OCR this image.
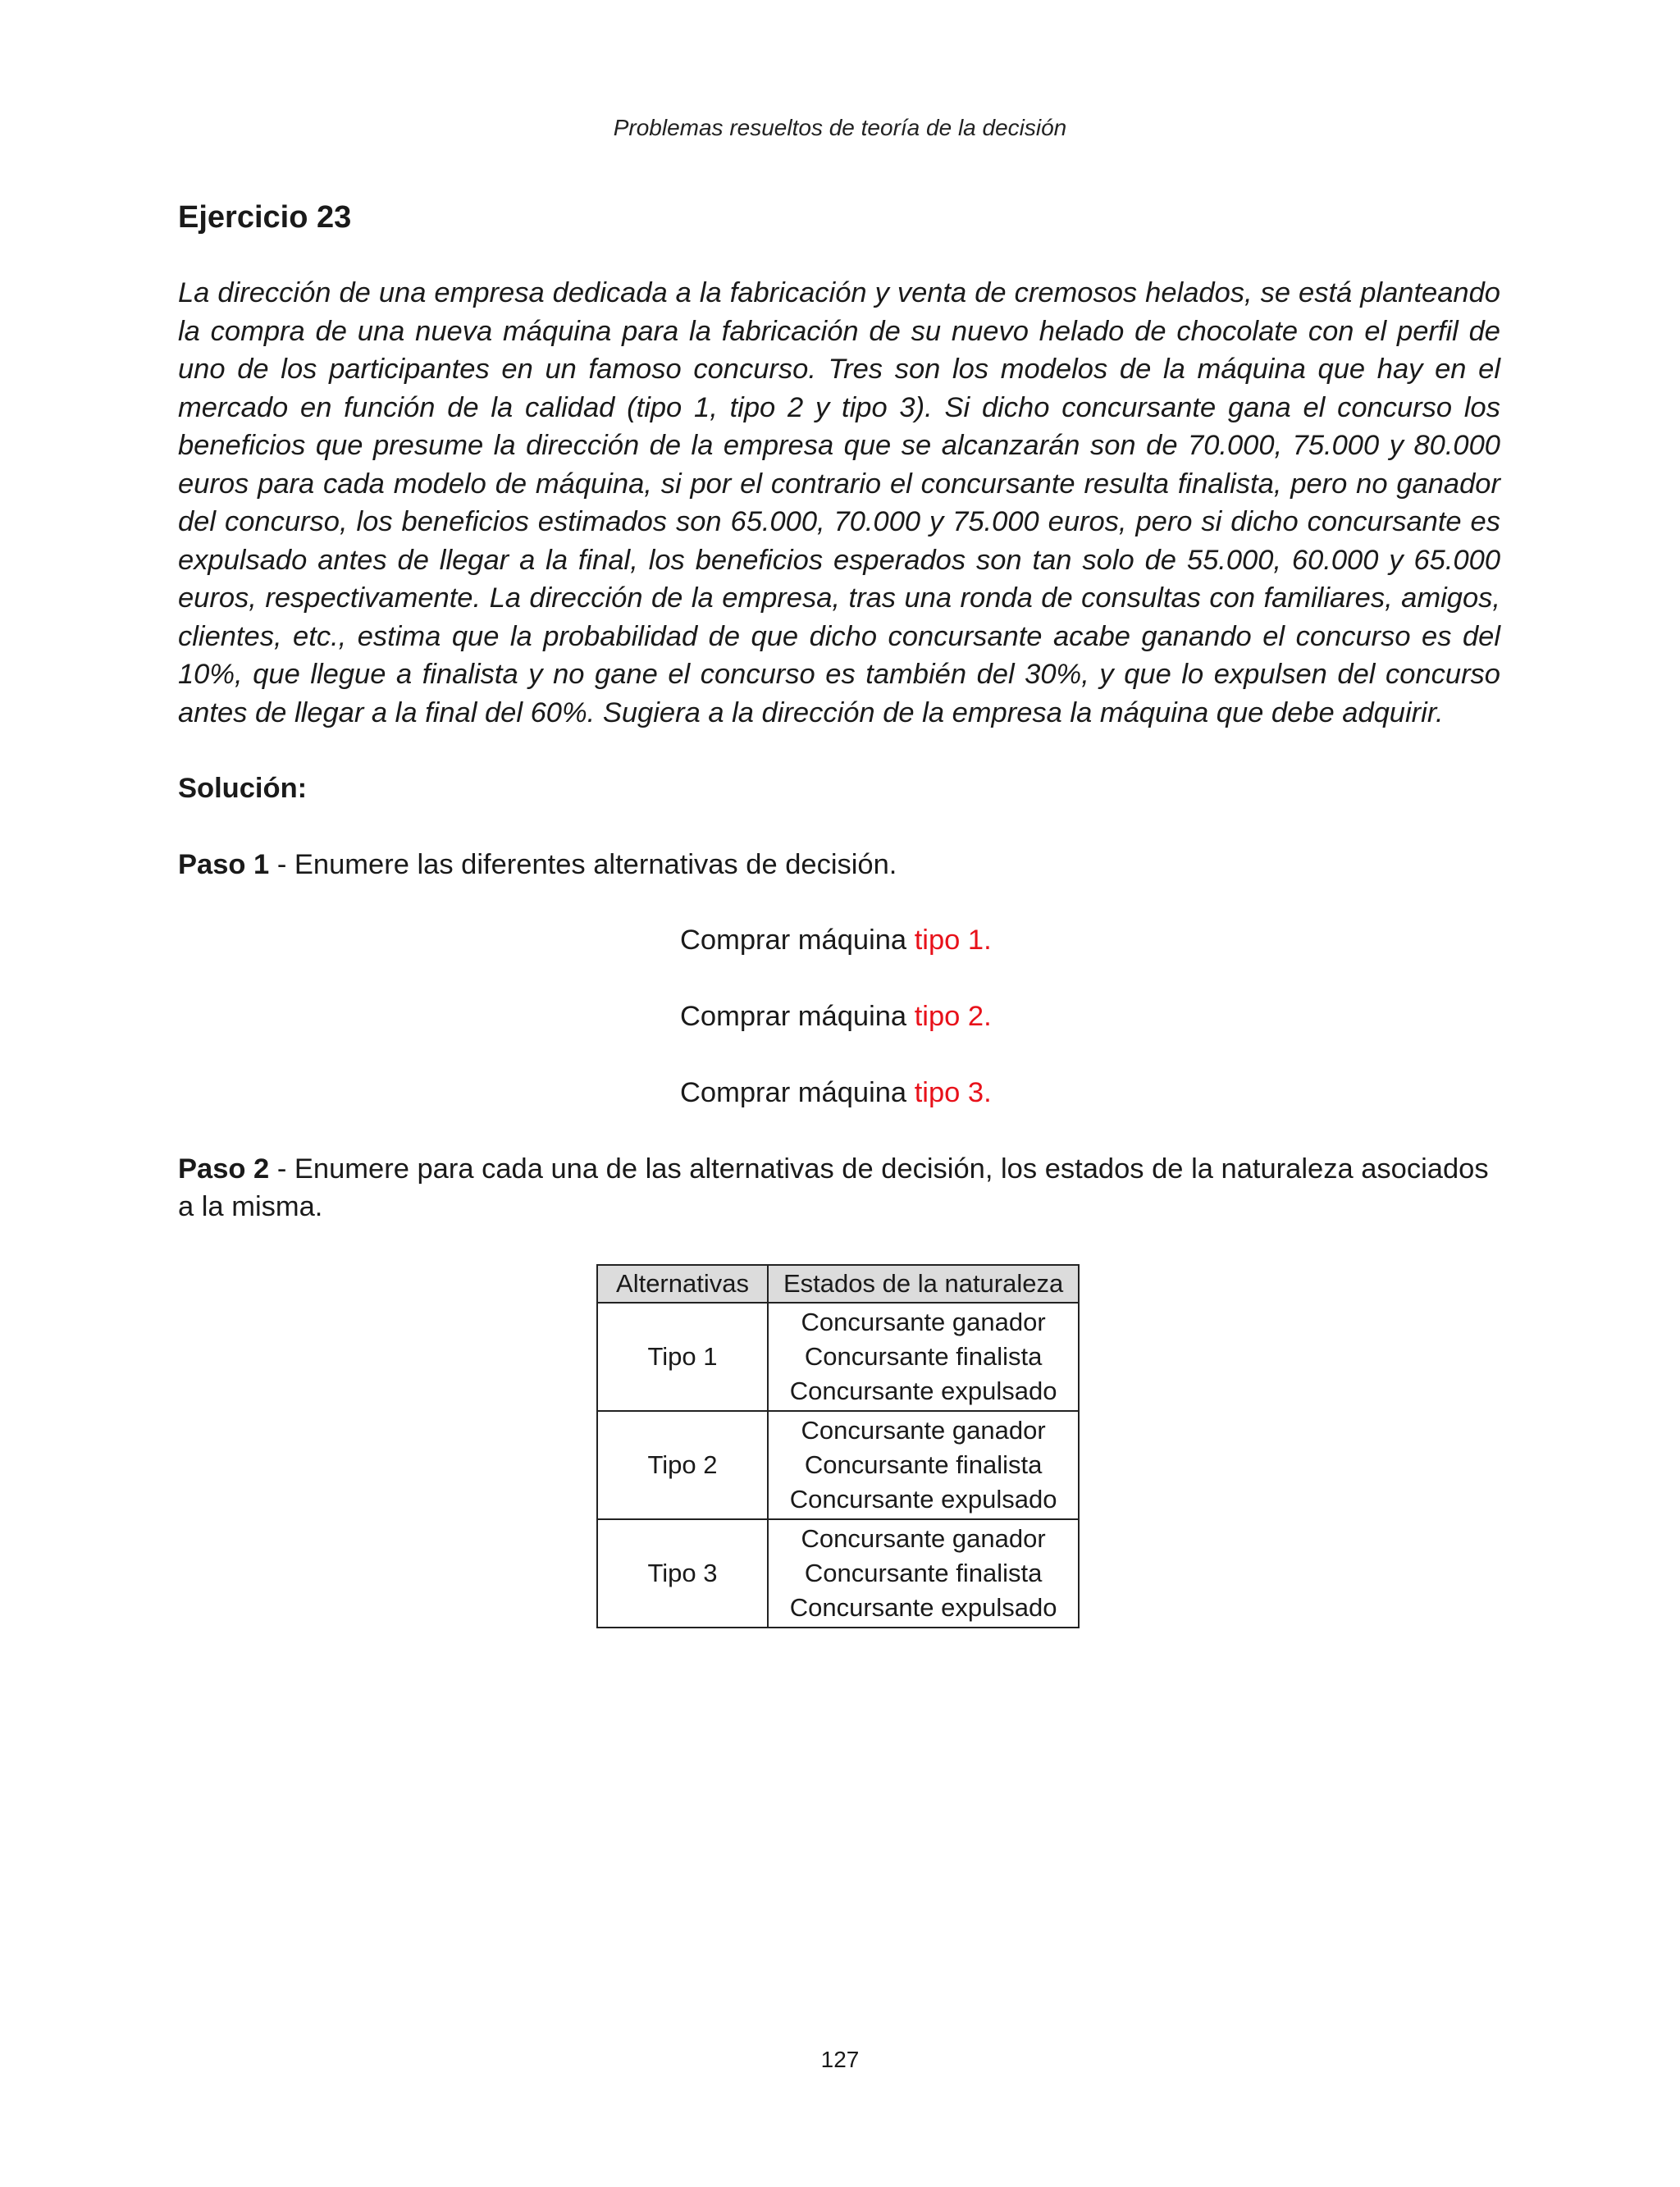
Problemas resueltos de teoría de la decisión
Ejercicio 23

La dirección de una empresa dedicada a la fabricación y venta de cremosos helados, se está planteando la compra de una nueva máquina para la fabricación de su nuevo helado de chocolate con el perfil de uno de los participantes en un famoso concurso. Tres son los modelos de la máquina que hay en el mercado en función de la calidad (tipo 1, tipo 2 y tipo 3). Si dicho concursante gana el concurso los beneficios que presume la dirección de la empresa que se alcanzarán son de 70.000, 75.000 y 80.000 euros para cada modelo de máquina, si por el contrario el concursante resulta finalista, pero no ganador del concurso, los beneficios estimados son 65.000, 70.000 y 75.000 euros, pero si dicho concursante es expulsado antes de llegar a la final, los beneficios esperados son tan solo de 55.000, 60.000 y 65.000 euros, respectivamente. La dirección de la empresa, tras una ronda de consultas con familiares, amigos, clientes, etc., estima que la probabilidad de que dicho concursante acabe ganando el concurso es del 10%, que llegue a finalista y no gane el concurso es también del 30%, y que lo expulsen del concurso antes de llegar a la final del 60%. Sugiera a la dirección de la empresa la máquina que debe adquirir.

Solución:

Paso 1 - Enumere las diferentes alternativas de decisión.

Comprar máquina tipo 1.
Comprar máquina tipo 2.
Comprar máquina tipo 3.

Paso 2 - Enumere para cada una de las alternativas de decisión, los estados de la naturaleza asociados a la misma.

Alternativas	Estados de la naturaleza
Tipo 1	Concursante ganador
Concursante finalista
Concursante expulsado

Tipo 2	Concursante ganador
Concursante finalista
Concursante expulsado

Tipo 3	Concursante ganador
Concursante finalista
Concursante expulsado
127
